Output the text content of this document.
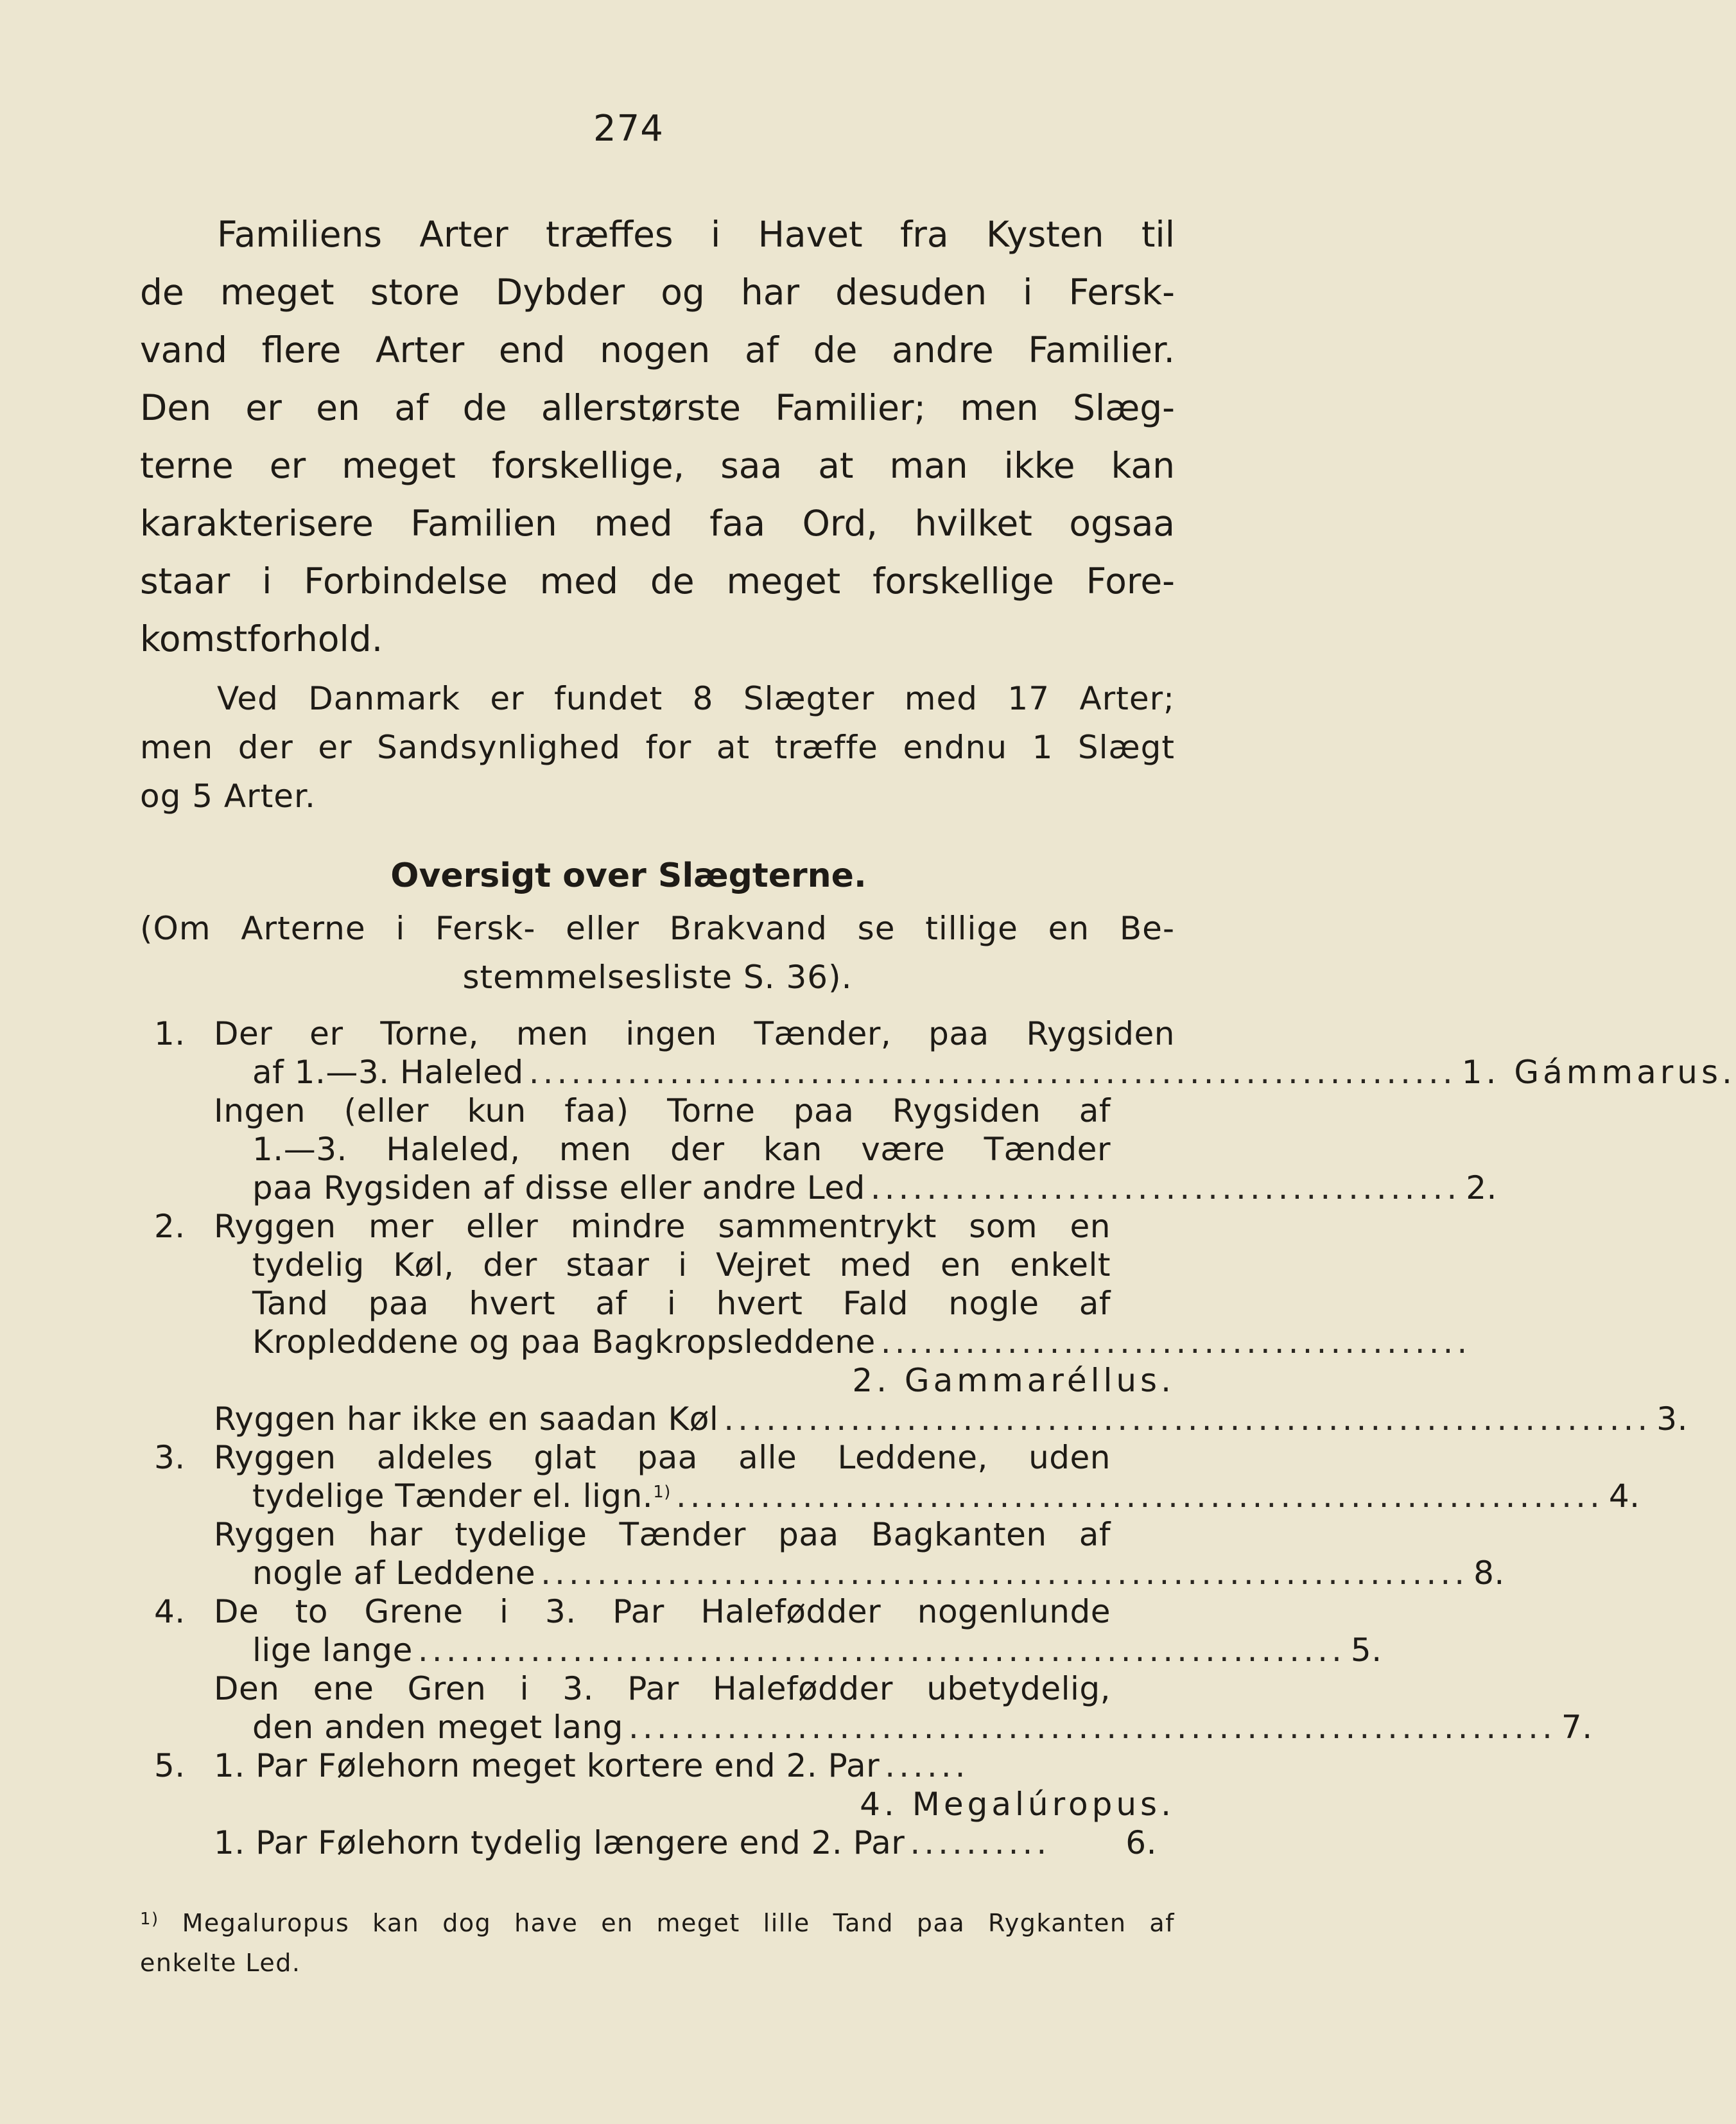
274
Familiens Arter træffes i Havet fra Kysten til
de meget store Dybder og har desuden i Fersk-
vand flere Arter end nogen af de andre Familier.
Den er en af de allerstørste Familier; men Slæg-
terne er meget forskellige, saa at man ikke kan
karakterisere Familien med faa Ord, hvilket ogsaa
staar i Forbindelse med de meget forskellige Fore-
komstforhold.
Ved Danmark er fundet 8 Slægter med 17 Arter;
men der er Sandsynlighed for at træffe endnu 1 Slægt
og 5 Arter.
Oversigt over Slægterne.
(Om Arterne i Fersk- eller Brakvand se tillige en Be-
stemmelsesliste S. 36).
1. Der er Torne, men ingen Tænder, paa Rygsiden
af 1.—3. Haleled .................................................................. 1. Gámmarus.
Ingen (eller kun faa) Torne paa Rygsiden af
1.—3. Haleled, men der kan være Tænder
paa Rygsiden af disse eller andre Led .......................................... 2.
2. Ryggen mer eller mindre sammentrykt som en
tydelig Køl, der staar i Vejret med en enkelt
Tand paa hvert af i hvert Fald nogle af
Kropleddene og paa Bagkropsleddene ..........................................
2. Gammaréllus.
Ryggen har ikke en saadan Køl .................................................................. 3.
3. Ryggen aldeles glat paa alle Leddene, uden
tydelige Tænder el. lign.$^{1)}$ .................................................................. 4.
Ryggen har tydelige Tænder paa Bagkanten af
nogle af Leddene .................................................................. 8.
4. De to Grene i 3. Par Halefødder nogenlunde
lige lange .................................................................. 5.
Den ene Gren i 3. Par Halefødder ubetydelig,
den anden meget lang .................................................................. 7.
5. 1. Par Følehorn meget kortere end 2. Par ......
4. Megalúropus.
1. Par Følehorn tydelig længere end 2. Par ..........	6.
$^{1)}$ Megaluropus kan dog have en meget lille Tand paa Rygkanten af
enkelte Led.
